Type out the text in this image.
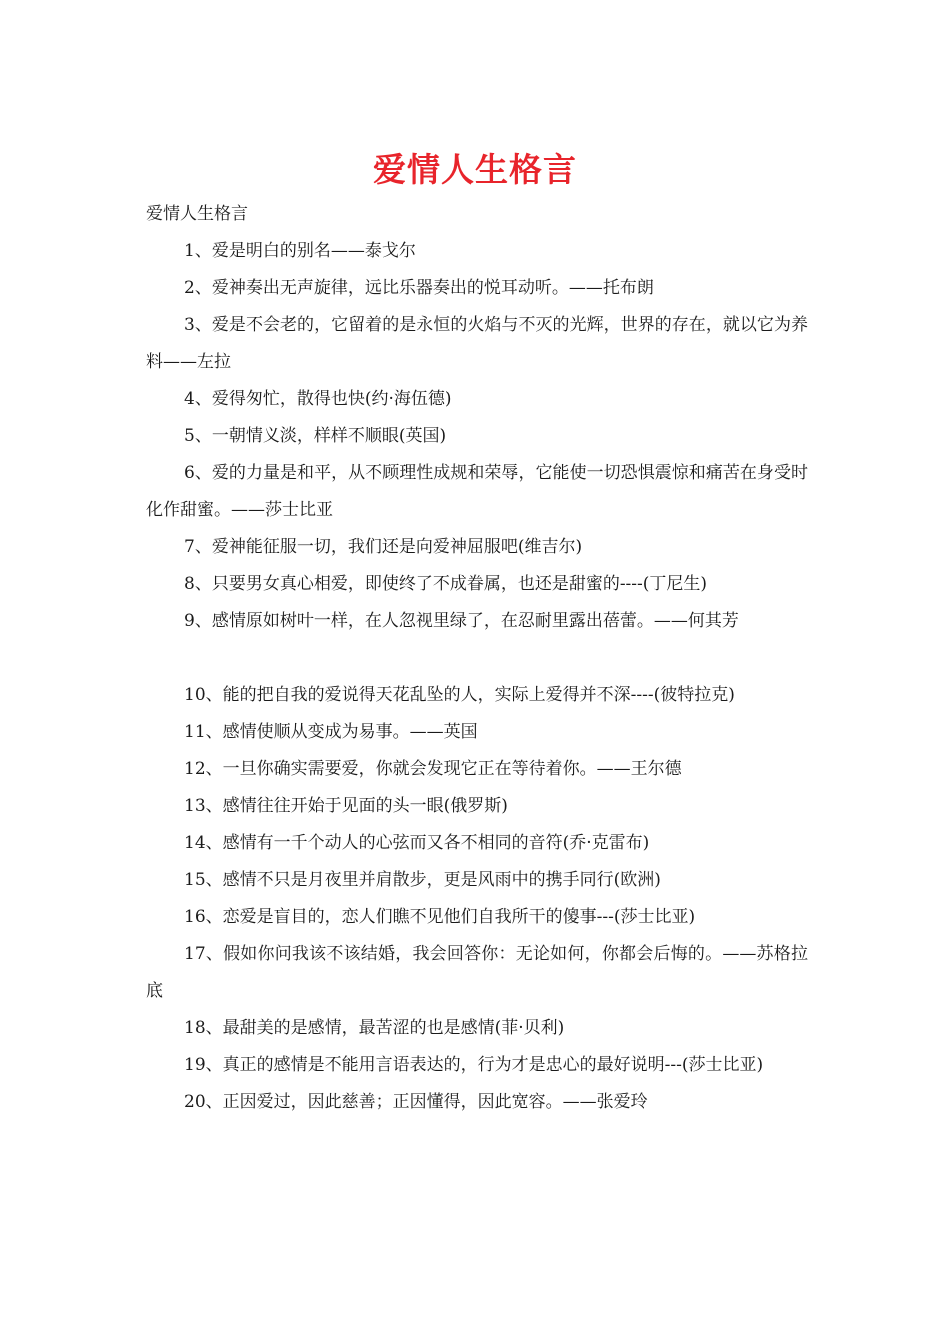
爱情人生格言

爱情人生格言

1、爱是明白的别名——泰戈尔

2、爱神奏出无声旋律，远比乐器奏出的悦耳动听。——托布朗

3、爱是不会老的，它留着的是永恒的火焰与不灭的光辉，世界的存在，就以它为养料——左拉

4、爱得匆忙，散得也快(约·海伍德)

5、一朝情义淡，样样不顺眼(英国)

6、爱的力量是和平，从不顾理性成规和荣辱，它能使一切恐惧震惊和痛苦在身受时化作甜蜜。——莎士比亚

7、爱神能征服一切，我们还是向爱神屈服吧(维吉尔)

8、只要男女真心相爱，即使终了不成眷属，也还是甜蜜的----(丁尼生)

9、感情原如树叶一样，在人忽视里绿了，在忍耐里露出蓓蕾。——何其芳

10、能的把自我的爱说得天花乱坠的人，实际上爱得并不深----(彼特拉克)

11、感情使顺从变成为易事。——英国

12、一旦你确实需要爱，你就会发现它正在等待着你。——王尔德

13、感情往往开始于见面的头一眼(俄罗斯)

14、感情有一千个动人的心弦而又各不相同的音符(乔·克雷布)

15、感情不只是月夜里并肩散步，更是风雨中的携手同行(欧洲)

16、恋爱是盲目的，恋人们瞧不见他们自我所干的傻事---(莎士比亚)

17、假如你问我该不该结婚，我会回答你：无论如何，你都会后悔的。——苏格拉底

18、最甜美的是感情，最苦涩的也是感情(菲·贝利)

19、真正的感情是不能用言语表达的，行为才是忠心的最好说明---(莎士比亚)

20、正因爱过，因此慈善；正因懂得，因此宽容。——张爱玲
